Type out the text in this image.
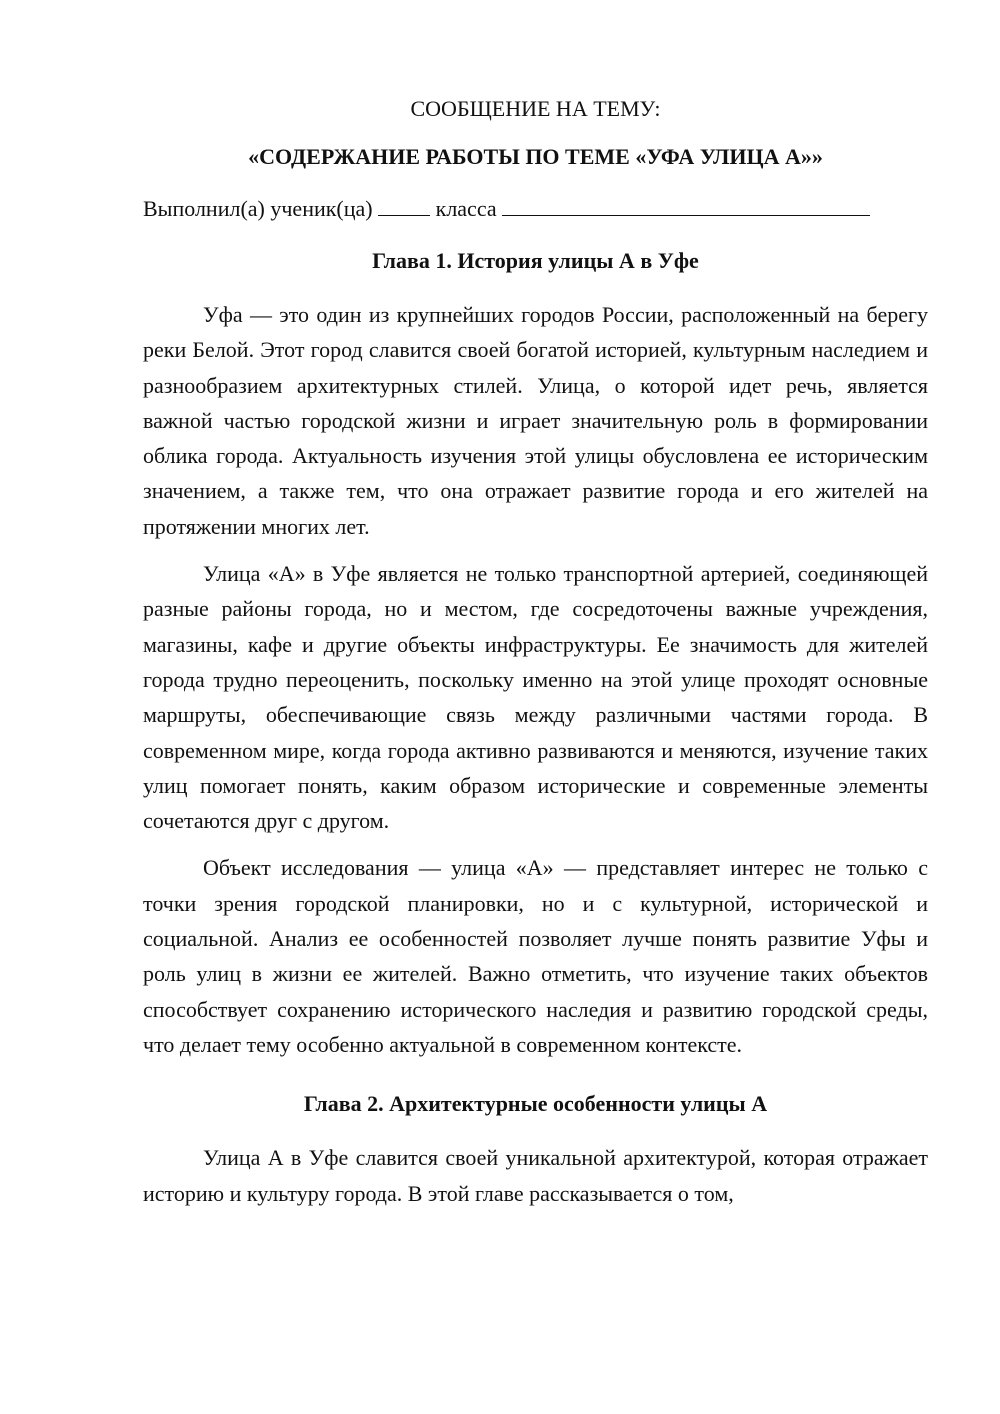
СООБЩЕНИЕ НА ТЕМУ:

«СОДЕРЖАНИЕ РАБОТЫ ПО ТЕМЕ «УФА УЛИЦА А»»

Выполнил(а) ученик(ца)	класса

Глава 1. История улицы А в Уфе

Уфа — это один из крупнейших городов России, расположенный на берегу реки Белой. Этот город славится своей богатой историей, культурным наследием и разнообразием архитектурных стилей. Улица, о которой идет речь, является важной частью городской жизни и играет значительную роль в формировании облика города. Актуальность изучения этой улицы обусловлена ее историческим значением, а также тем, что она отражает развитие города и его жителей на протяжении многих лет.

Улица «А» в Уфе является не только транспортной артерией, соединяющей разные районы города, но и местом, где сосредоточены важные учреждения, магазины, кафе и другие объекты инфраструктуры. Ее значимость для жителей города трудно переоценить, поскольку именно на этой улице проходят основные маршруты, обеспечивающие связь между различными частями города. В современном мире, когда города активно развиваются и меняются, изучение таких улиц помогает понять, каким образом исторические и современные элементы сочетаются друг с другом.

Объект исследования — улица «А» — представляет интерес не только с точки зрения городской планировки, но и с культурной, исторической и социальной. Анализ ее особенностей позволяет лучше понять развитие Уфы и роль улиц в жизни ее жителей. Важно отметить, что изучение таких объектов способствует сохранению исторического наследия и развитию городской среды, что делает тему особенно актуальной в современном контексте.

Глава 2. Архитектурные особенности улицы А

Улица А в Уфе славится своей уникальной архитектурой, которая отражает историю и культуру города. В этой главе рассказывается о том,
